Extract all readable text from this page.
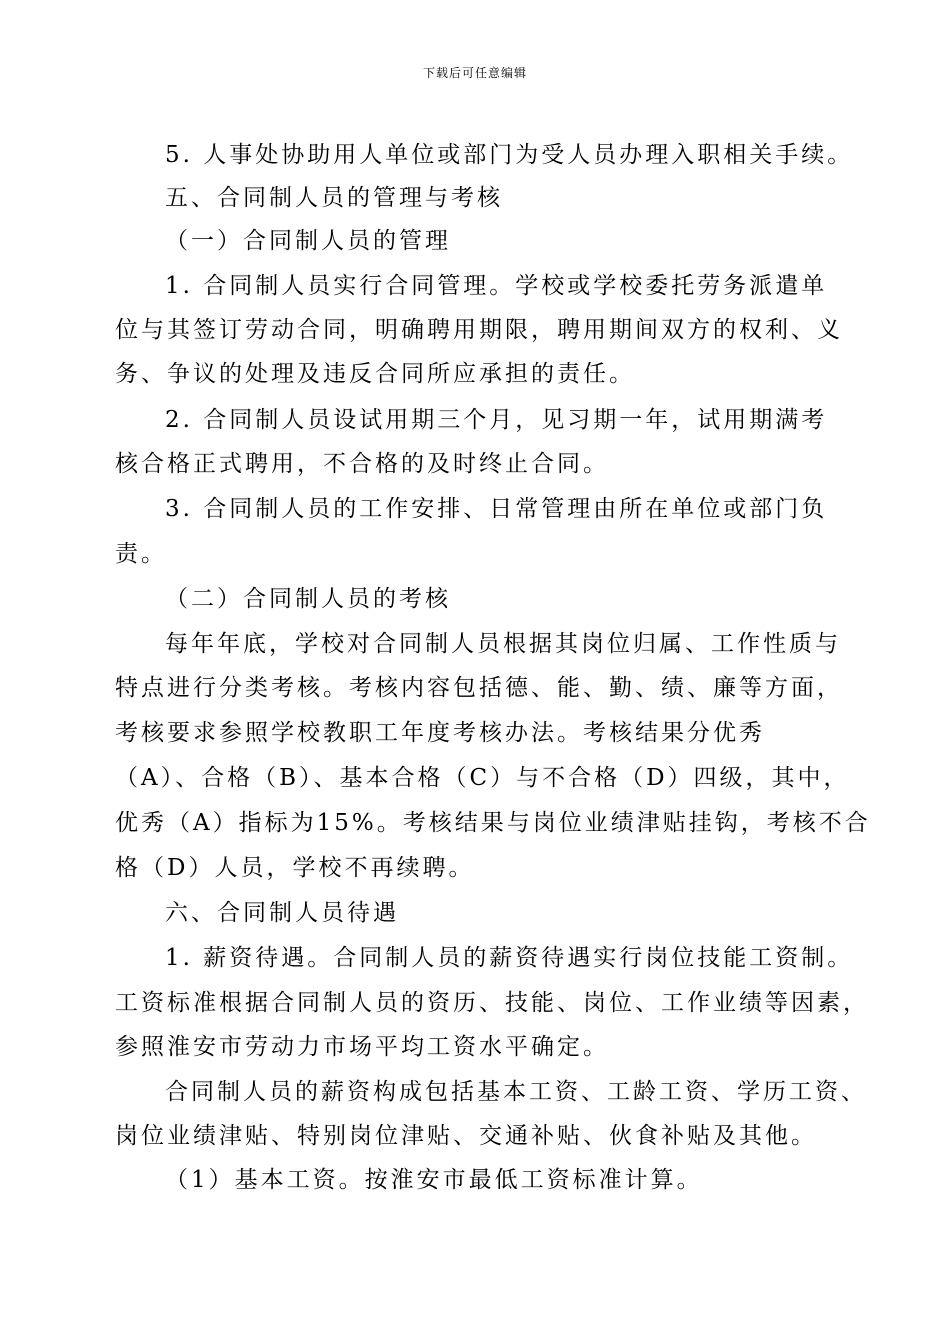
下载后可任意编辑
5. 人事处协助用人单位或部门为受人员办理入职相关手续。
五、合同制人员的管理与考核
（一）合同制人员的管理
1. 合同制人员实行合同管理。学校或学校委托劳务派遣单
位与其签订劳动合同，明确聘用期限，聘用期间双方的权利、义
务、争议的处理及违反合同所应承担的责任。
2. 合同制人员设试用期三个月，见习期一年，试用期满考
核合格正式聘用，不合格的及时终止合同。
3. 合同制人员的工作安排、日常管理由所在单位或部门负
责。
（二）合同制人员的考核
每年年底，学校对合同制人员根据其岗位归属、工作性质与
特点进行分类考核。考核内容包括德、能、勤、绩、廉等方面，
考核要求参照学校教职工年度考核办法。考核结果分优秀
（A）、合格（B）、基本合格（C）与不合格（D）四级，其中，
优秀（A）指标为15%。考核结果与岗位业绩津贴挂钩，考核不合
格（D）人员，学校不再续聘。
六、合同制人员待遇
1. 薪资待遇。合同制人员的薪资待遇实行岗位技能工资制。
工资标准根据合同制人员的资历、技能、岗位、工作业绩等因素，
参照淮安市劳动力市场平均工资水平确定。
合同制人员的薪资构成包括基本工资、工龄工资、学历工资、
岗位业绩津贴、特别岗位津贴、交通补贴、伙食补贴及其他。
（1）基本工资。按淮安市最低工资标准计算。
